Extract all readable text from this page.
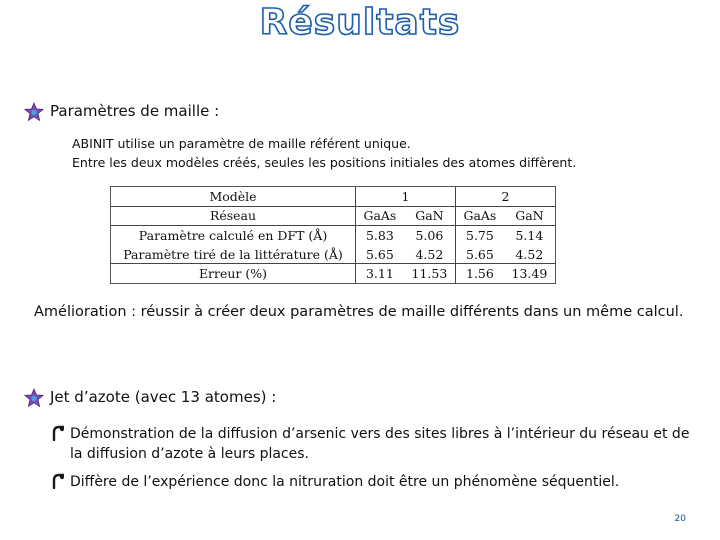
Résultats
Paramètres de maille :
ABINIT utilise un paramètre de maille référent unique.
Entre les deux modèles créés, seules les positions initiales des atomes diffèrent.
Modèle	1		2	
Réseau	GaAs	GaN	GaAs	GaN
Paramètre calculé en DFT (Å)	5.83	5.06	5.75	5.14
Paramètre tiré de la littérature (Å)	5.65	4.52	5.65	4.52
Erreur (%)	3.11	11.53	1.56	13.49
Amélioration : réussir à créer deux paramètres de maille différents dans un même calcul.
Jet d’azote (avec 13 atomes) :
Démonstration de la diffusion d’arsenic vers des sites libres à l’intérieur du réseau et de la diffusion d’azote à leurs places.
Diffère de l’expérience donc la nitruration doit être un phénomène séquentiel.
20
